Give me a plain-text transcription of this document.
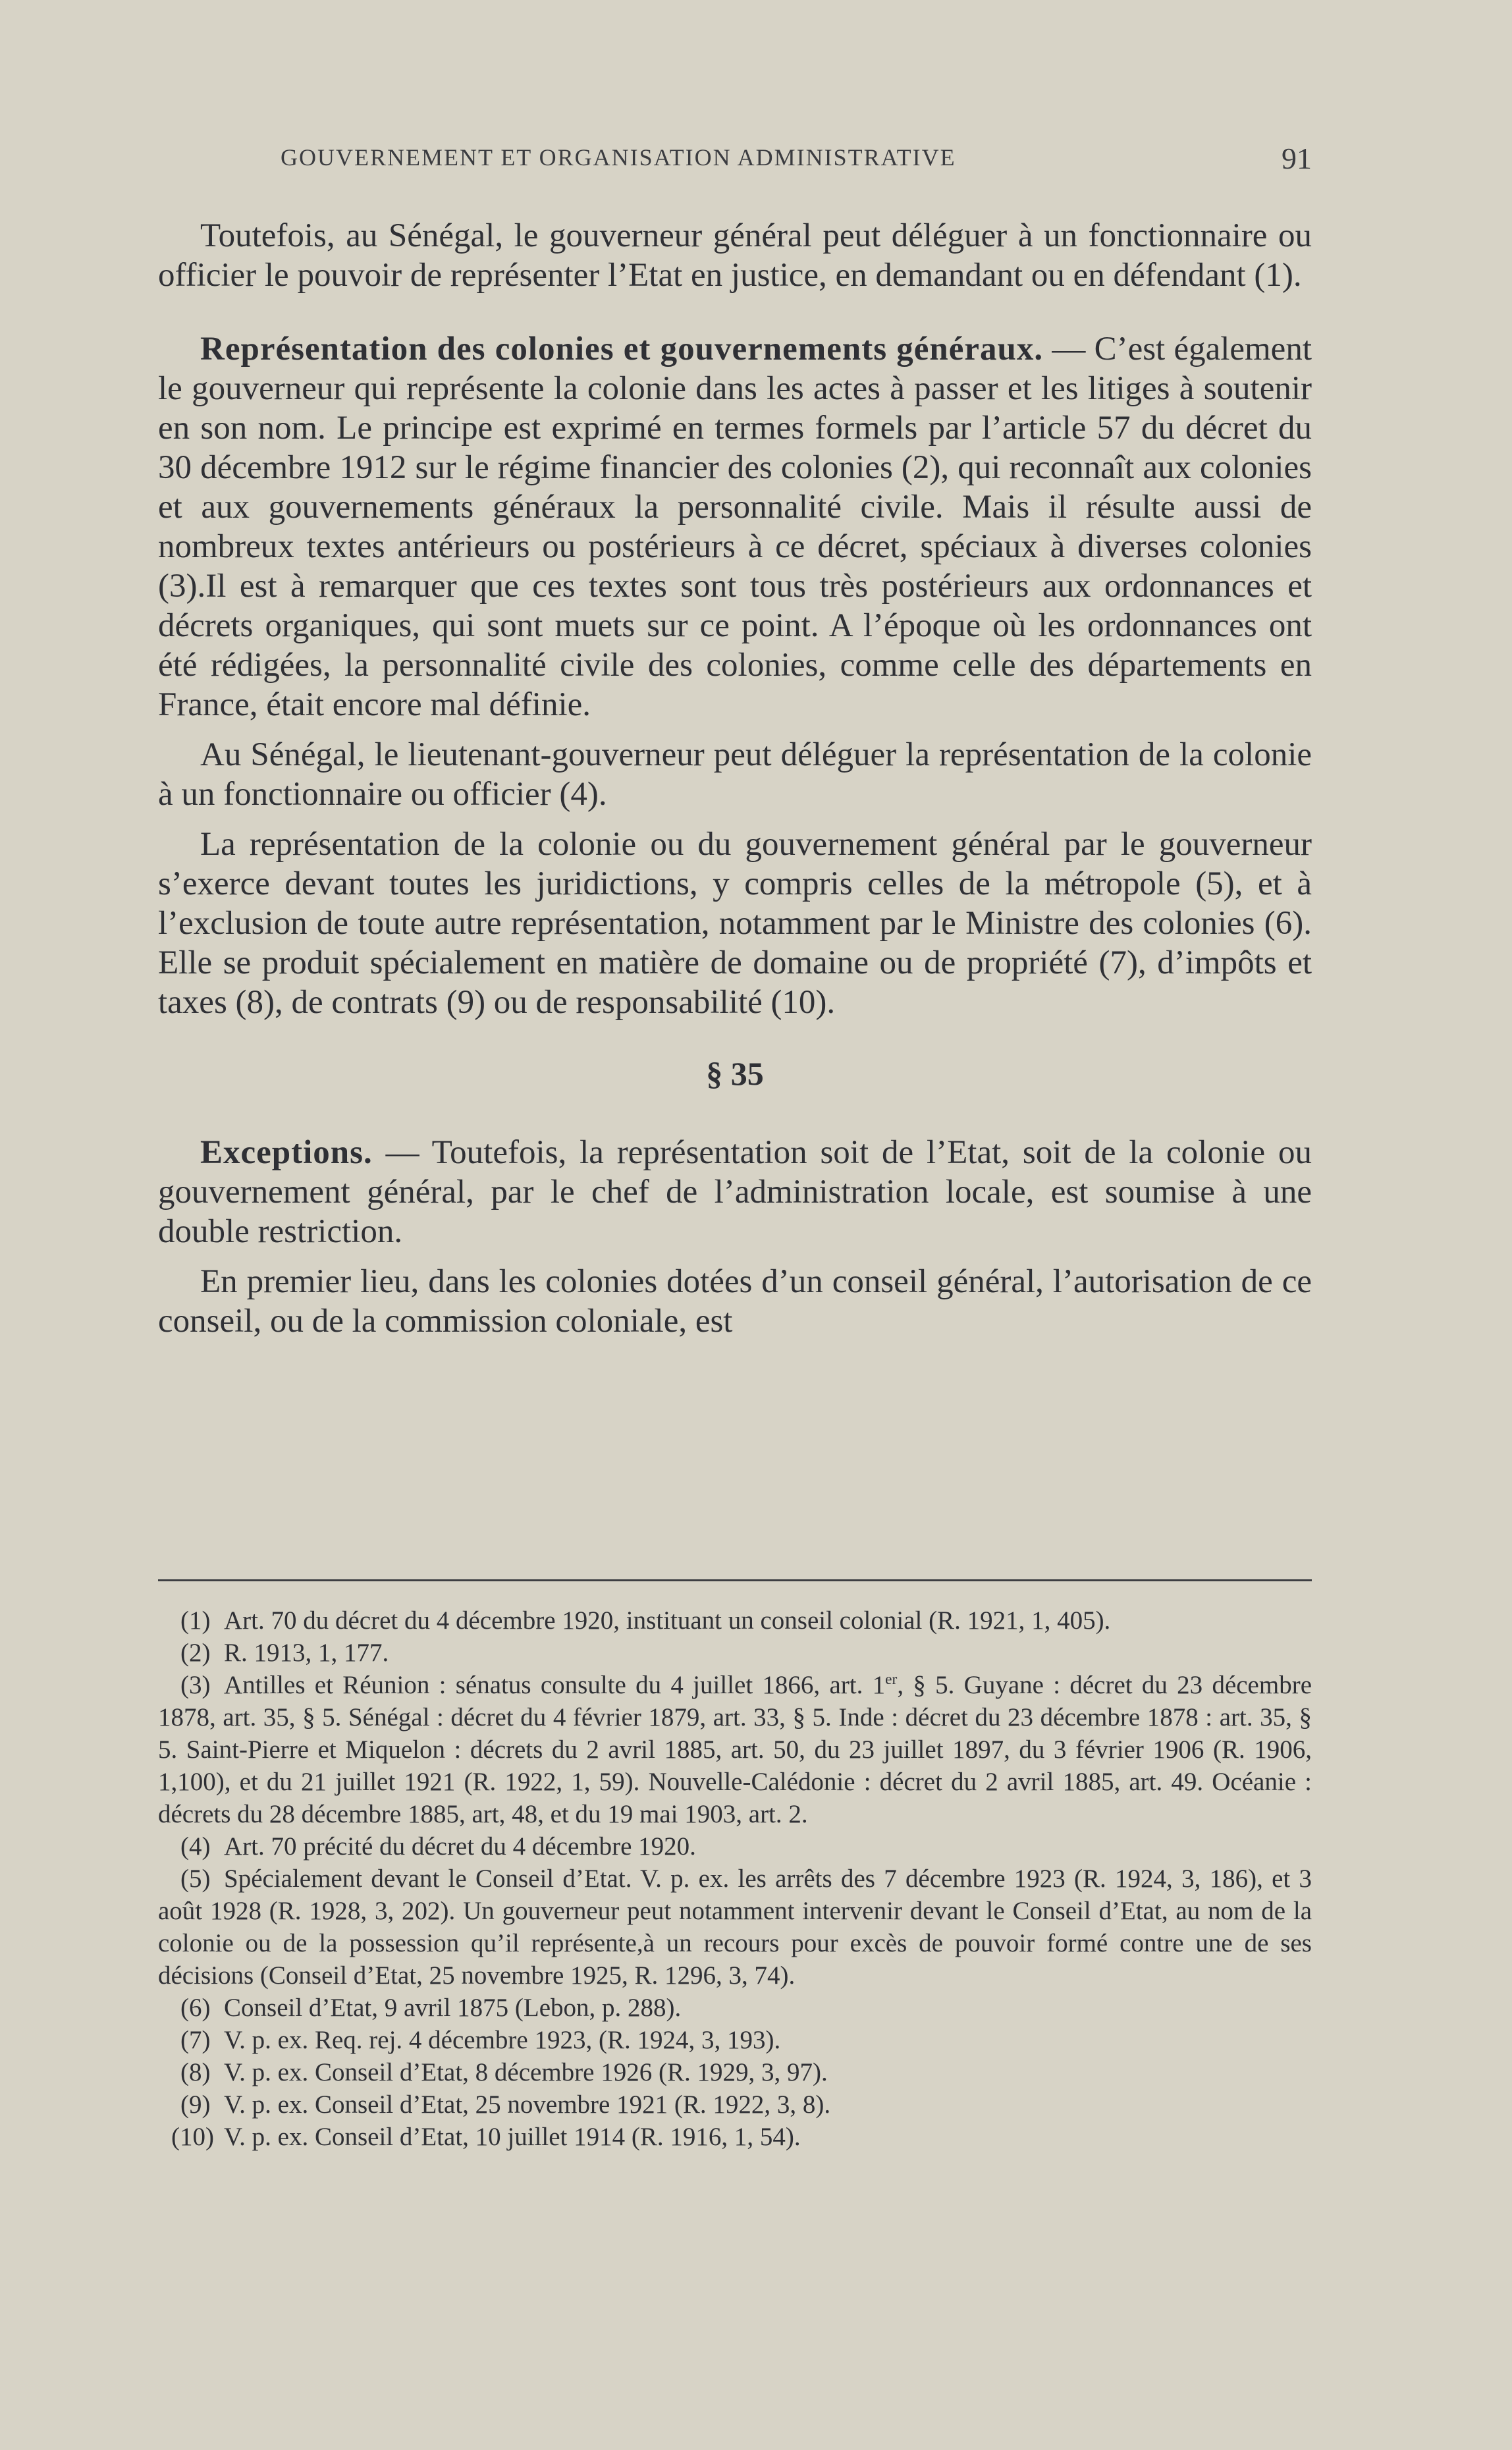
GOUVERNEMENT ET ORGANISATION ADMINISTRATIVE	91

Toutefois, au Sénégal, le gouverneur général peut déléguer à un fonctionnaire ou officier le pouvoir de représenter l’Etat en justice, en demandant ou en défendant (1).

Représentation des colonies et gouvernements généraux. — C’est également le gouverneur qui représente la colonie dans les actes à passer et les litiges à soutenir en son nom. Le principe est exprimé en termes formels par l’article 57 du décret du 30 décembre 1912 sur le régime financier des colonies (2), qui reconnaît aux colonies et aux gouvernements généraux la personnalité civile. Mais il résulte aussi de nombreux textes antérieurs ou postérieurs à ce décret, spéciaux à diverses colonies (3).Il est à remarquer que ces textes sont tous très postérieurs aux ordonnances et décrets organiques, qui sont muets sur ce point. A l’époque où les ordonnances ont été rédigées, la personnalité civile des colonies, comme celle des départements en France, était encore mal définie.

Au Sénégal, le lieutenant-gouverneur peut déléguer la représentation de la colonie à un fonctionnaire ou officier (4).

La représentation de la colonie ou du gouvernement général par le gouverneur s’exerce devant toutes les juridictions, y compris celles de la métropole (5), et à l’exclusion de toute autre représentation, notamment par le Ministre des colonies (6). Elle se produit spécialement en matière de domaine ou de propriété (7), d’impôts et taxes (8), de contrats (9) ou de responsabilité (10).

§ 35

Exceptions. — Toutefois, la représentation soit de l’Etat, soit de la colonie ou gouvernement général, par le chef de l’administration locale, est soumise à une double restriction.

En premier lieu, dans les colonies dotées d’un conseil général, l’autorisation de ce conseil, ou de la commission coloniale, est

(1) Art. 70 du décret du 4 décembre 1920, instituant un conseil colonial (R. 1921, 1, 405).

(2) R. 1913, 1, 177.

(3) Antilles et Réunion : sénatus consulte du 4 juillet 1866, art. 1er, § 5. Guyane : décret du 23 décembre 1878, art. 35, § 5. Sénégal : décret du 4 février 1879, art. 33, § 5. Inde : décret du 23 décembre 1878 : art. 35, § 5. Saint-Pierre et Miquelon : décrets du 2 avril 1885, art. 50, du 23 juillet 1897, du 3 février 1906 (R. 1906, 1,100), et du 21 juillet 1921 (R. 1922, 1, 59). Nouvelle-Calédonie : décret du 2 avril 1885, art. 49. Océanie : décrets du 28 décembre 1885, art, 48, et du 19 mai 1903, art. 2.

(4) Art. 70 précité du décret du 4 décembre 1920.

(5) Spécialement devant le Conseil d’Etat. V. p. ex. les arrêts des 7 décembre 1923 (R. 1924, 3, 186), et 3 août 1928 (R. 1928, 3, 202). Un gouverneur peut notamment intervenir devant le Conseil d’Etat, au nom de la colonie ou de la possession qu’il représente,à un recours pour excès de pouvoir formé contre une de ses décisions (Conseil d’Etat, 25 novembre 1925, R. 1296, 3, 74).

(6) Conseil d’Etat, 9 avril 1875 (Lebon, p. 288).

(7) V. p. ex. Req. rej. 4 décembre 1923, (R. 1924, 3, 193).

(8) V. p. ex. Conseil d’Etat, 8 décembre 1926 (R. 1929, 3, 97).

(9) V. p. ex. Conseil d’Etat, 25 novembre 1921 (R. 1922, 3, 8).

(10) V. p. ex. Conseil d’Etat, 10 juillet 1914 (R. 1916, 1, 54).
